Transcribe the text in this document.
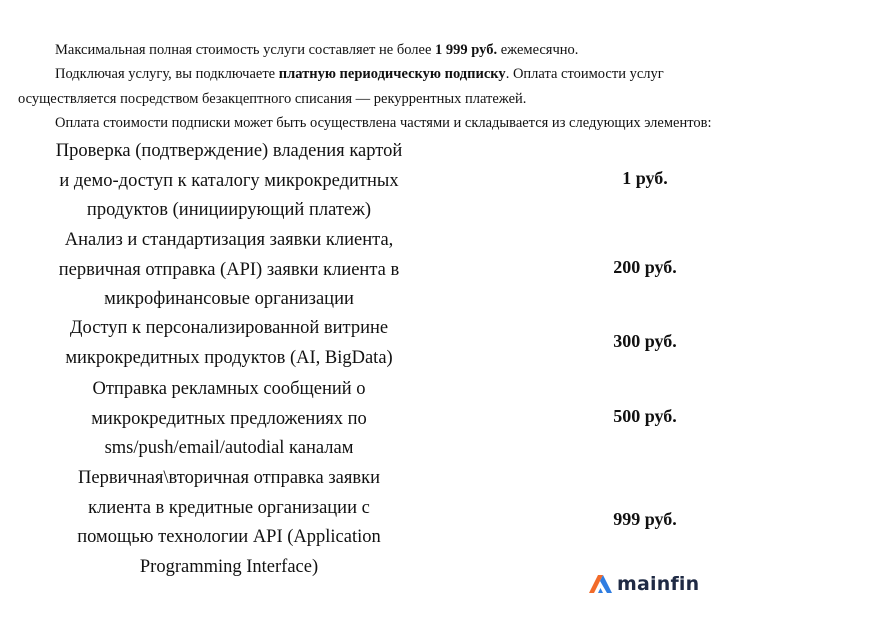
Максимальная полная стоимость услуги составляет не более 1 999 руб. ежемесячно.

Подключая услугу, вы подключаете платную периодическую подписку. Оплата стоимости услуг

осуществляется посредством безакцептного списания — рекуррентных платежей.

Оплата стоимости подписки может быть осуществлена частями и складывается из следующих элементов:

Проверка (подтверждение) владения картой
и демо-доступ к каталогу микрокредитных
продуктов (инициирующий платеж)
1 руб.
Анализ и стандартизация заявки клиента,
первичная отправка (API) заявки клиента в
микрофинансовые организации
200 руб.
Доступ к персонализированной витрине
микрокредитных продуктов (AI, BigData)
300 руб.
Отправка рекламных сообщений о
микрокредитных предложениях по
sms/push/email/autodial каналам
500 руб.
Первичная\вторичная отправка заявки
клиента в кредитные организации с
помощью технологии API (Application
Programming Interface)
999 руб.
mainfin
